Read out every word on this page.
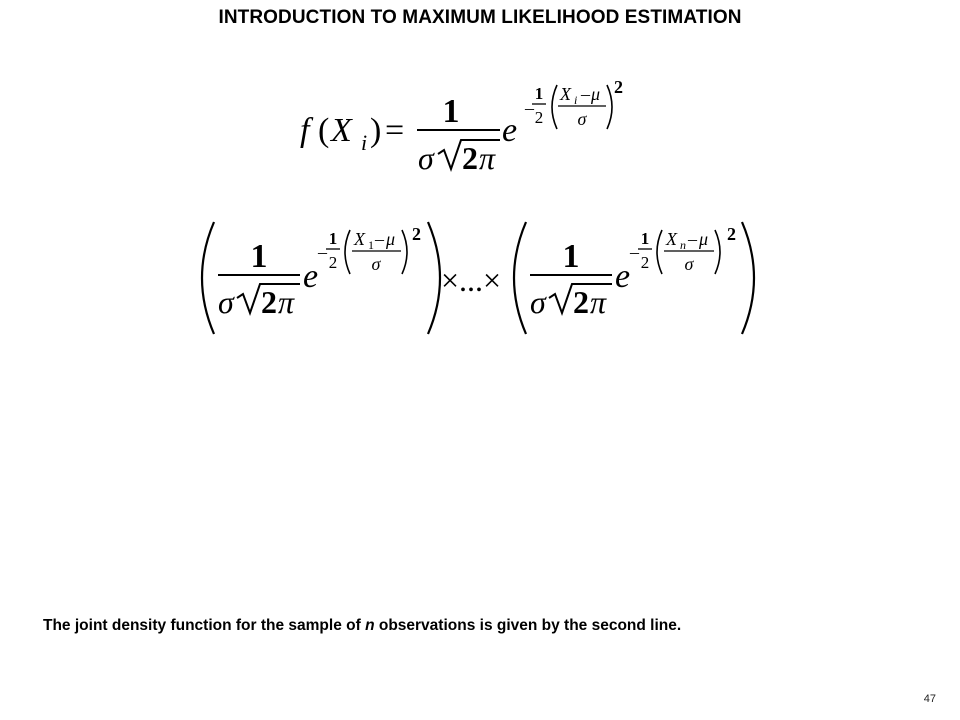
INTRODUCTION TO MAXIMUM LIKELIHOOD ESTIMATION
f ( X i ) =
1
σ 2 π
e
–
1
2
X i – μ
σ
2
1
σ 2 π
e
–
1
2
X 1 – μ
σ
2
×...×
1
σ 2 π
e
–
1
2
X n – μ
σ
2
The joint density function for the sample of n observations is given by the second line.
47
